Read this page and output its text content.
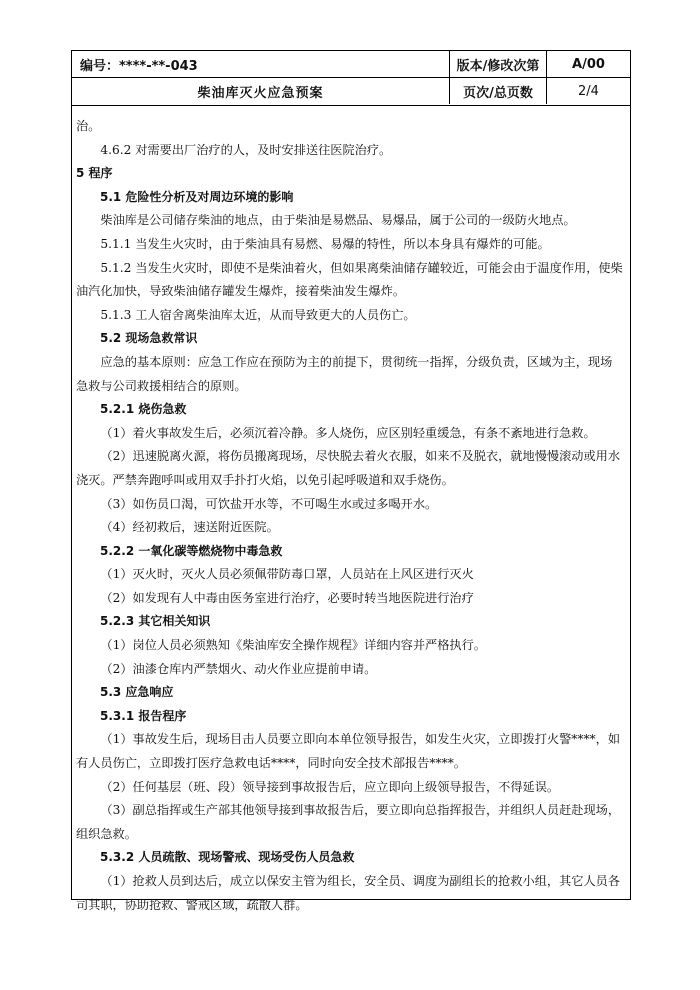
编号：****-**-043
柴油库灭火应急预案
版本/修改次第	A/00
页次/总页数	2/4

治。

4.6.2 对需要出厂治疗的人，及时安排送往医院治疗。

5 程序

5.1 危险性分析及对周边环境的影响

柴油库是公司储存柴油的地点，由于柴油是易燃品、易爆品，属于公司的一级防火地点。

5.1.1 当发生火灾时，由于柴油具有易燃、易爆的特性，所以本身具有爆炸的可能。

5.1.2 当发生火灾时，即使不是柴油着火，但如果离柴油储存罐较近，可能会由于温度作用，使柴油汽化加快，导致柴油储存罐发生爆炸，接着柴油发生爆炸。

5.1.3 工人宿舍离柴油库太近，从而导致更大的人员伤亡。

5.2 现场急救常识

应急的基本原则：应急工作应在预防为主的前提下，贯彻统一指挥，分级负责，区域为主，现场急救与公司救援相结合的原则。

5.2.1 烧伤急救

（1）着火事故发生后，必须沉着冷静。多人烧伤，应区别轻重缓急，有条不紊地进行急救。

（2）迅速脱离火源，将伤员搬离现场，尽快脱去着火衣服，如来不及脱衣，就地慢慢滚动或用水浇灭。严禁奔跑呼叫或用双手扑打火焰，以免引起呼吸道和双手烧伤。

（3）如伤员口渴，可饮盐开水等，不可喝生水或过多喝开水。

（4）经初救后，速送附近医院。

5.2.2 一氧化碳等燃烧物中毒急救

（1）灭火时，灭火人员必须佩带防毒口罩，人员站在上风区进行灭火

（2）如发现有人中毒由医务室进行治疗，必要时转当地医院进行治疗

5.2.3 其它相关知识

（1）岗位人员必须熟知《柴油库安全操作规程》详细内容并严格执行。

（2）油漆仓库内严禁烟火、动火作业应提前申请。

5.3 应急响应

5.3.1 报告程序

（1）事故发生后，现场目击人员要立即向本单位领导报告，如发生火灾，立即拨打火警****，如有人员伤亡，立即拨打医疗急救电话****，同时向安全技术部报告****。

（2）任何基层（班、段）领导接到事故报告后，应立即向上级领导报告，不得延误。

（3）副总指挥或生产部其他领导接到事故报告后，要立即向总指挥报告，并组织人员赶赴现场，组织急救。

5.3.2 人员疏散、现场警戒、现场受伤人员急救

（1）抢救人员到达后，成立以保安主管为组长，安全员、调度为副组长的抢救小组，其它人员各司其职，协助抢救、警戒区域，疏散人群。
